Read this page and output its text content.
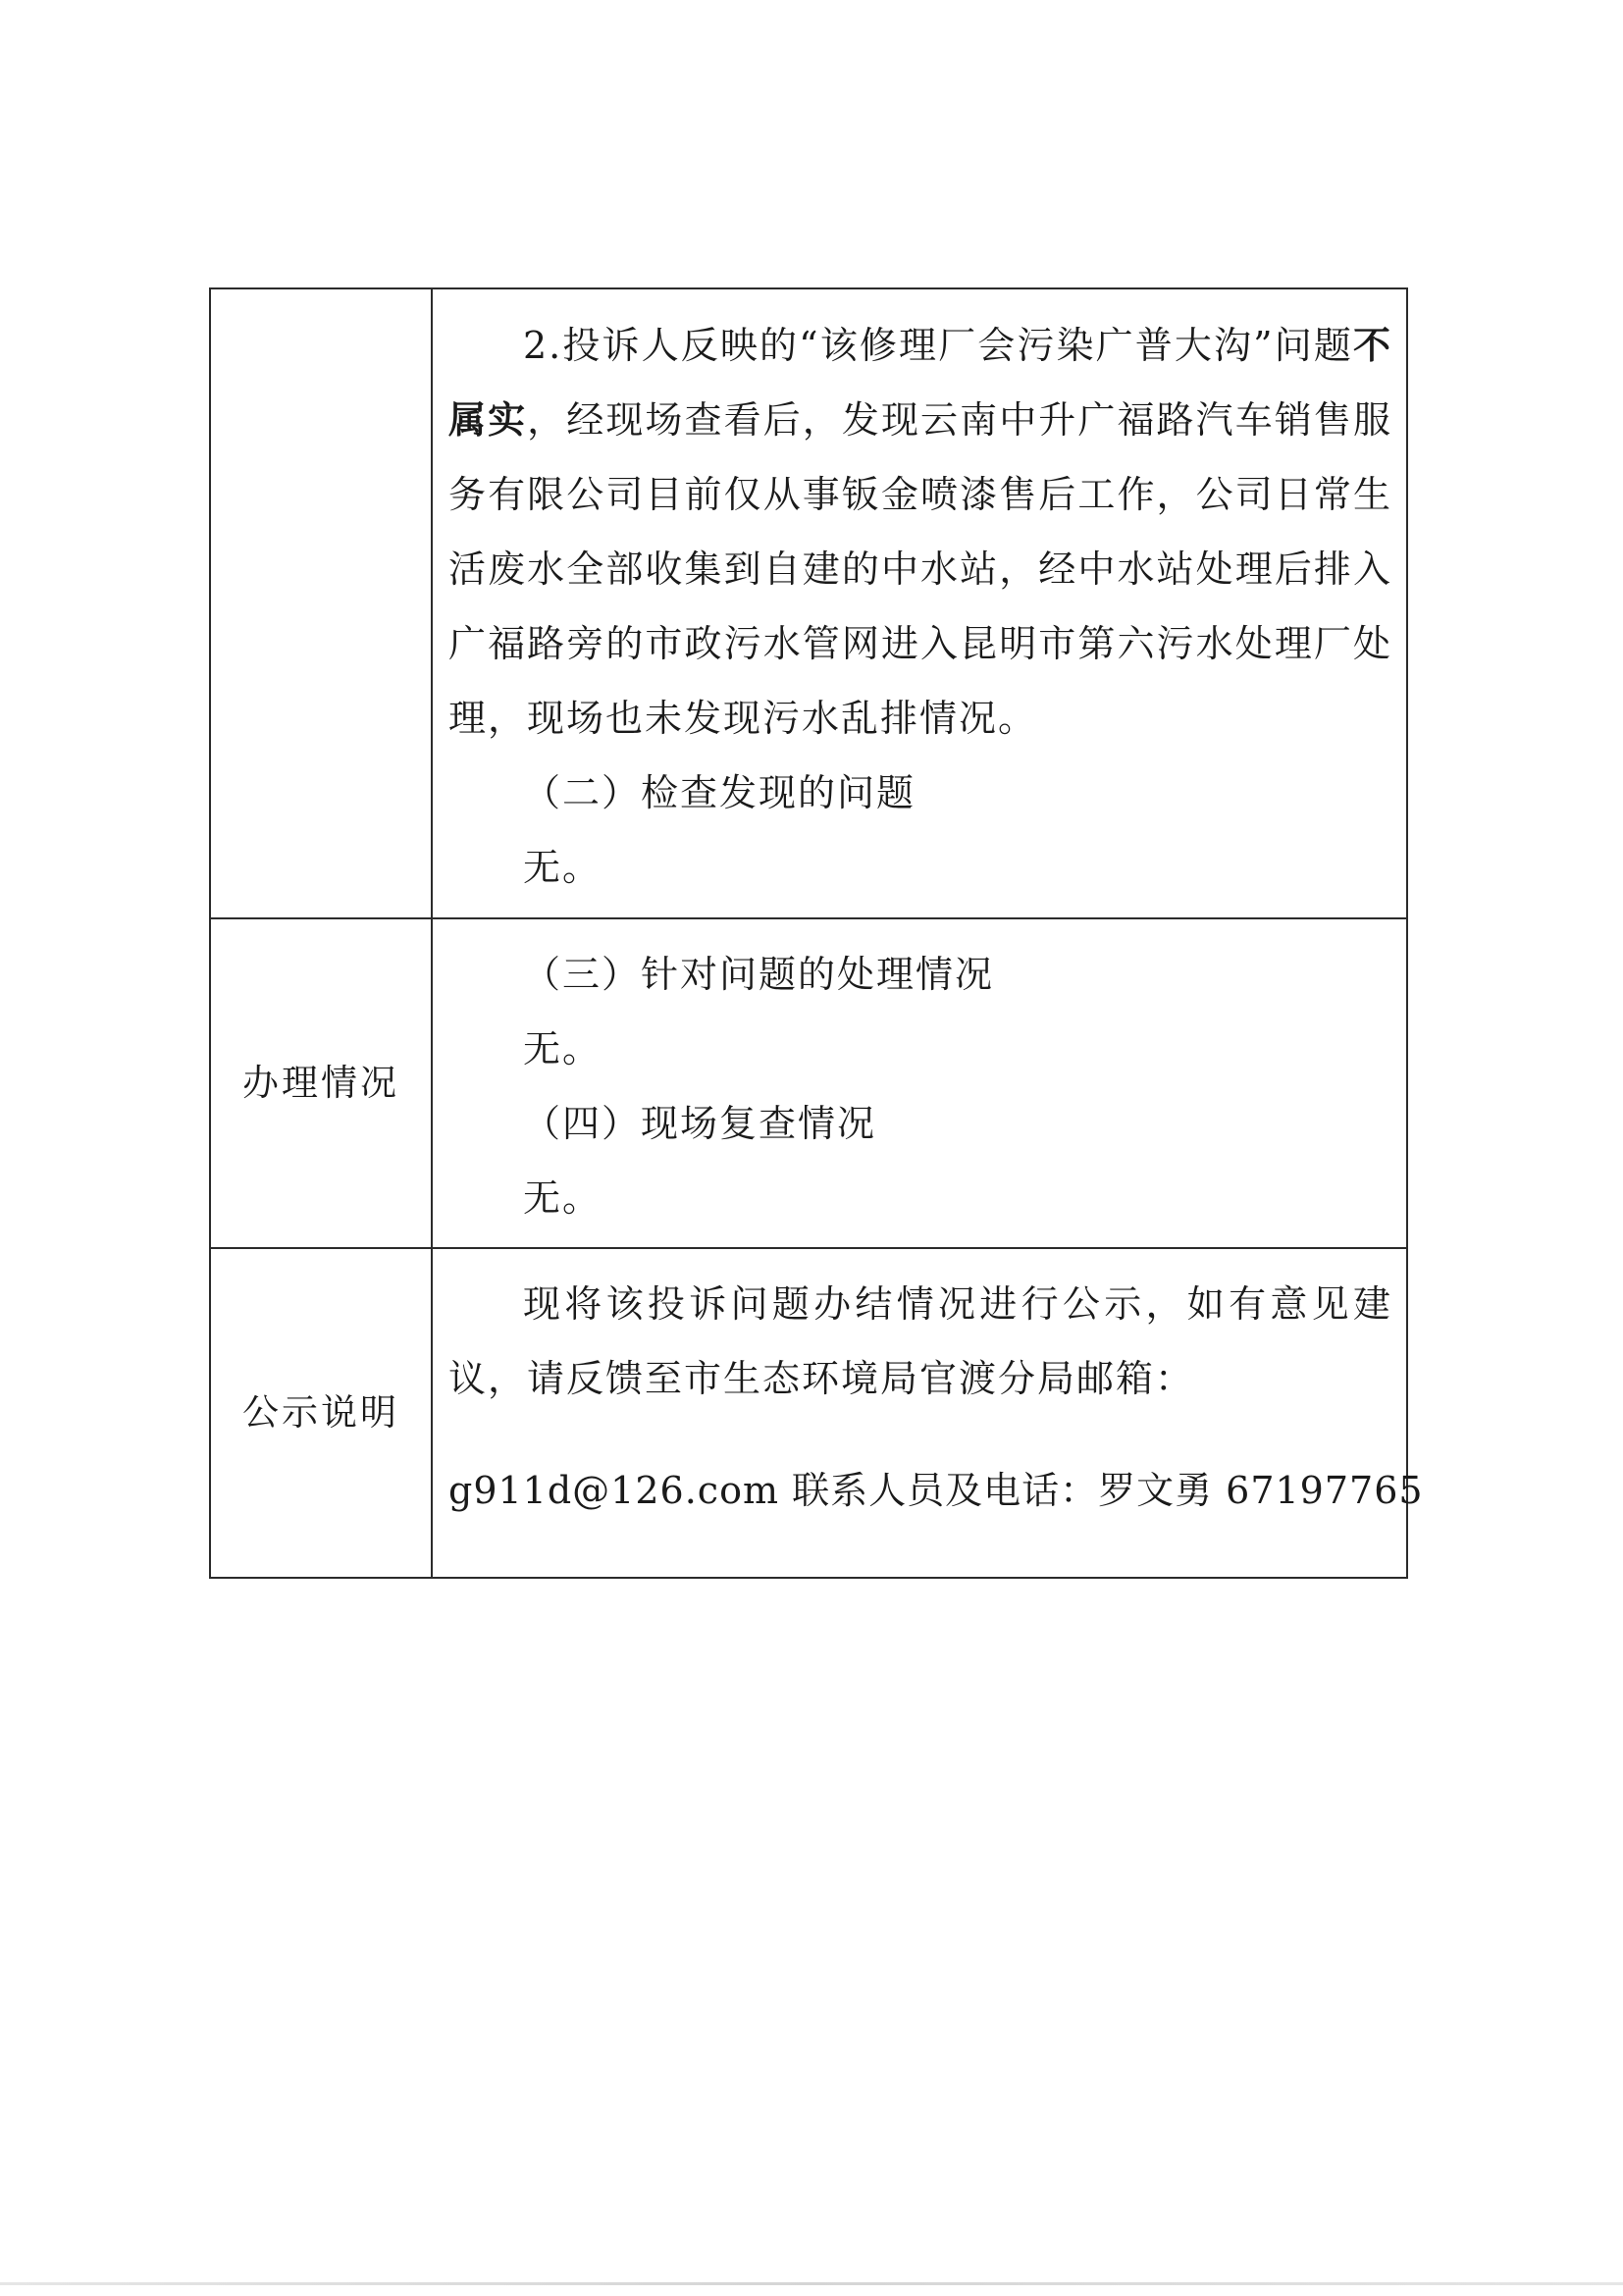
	2.投诉人反映的“该修理厂会污染广普大沟”问题不属实，经现场查看后，发现云南中升广福路汽车销售服务有限公司目前仅从事钣金喷漆售后工作，公司日常生活废水全部收集到自建的中水站，经中水站处理后排入广福路旁的市政污水管网进入昆明市第六污水处理厂处理，现场也未发现污水乱排情况。

（二）检查发现的问题

无。

办理情况	（三）针对问题的处理情况

无。

（四）现场复查情况

无。

公示说明	现将该投诉问题办结情况进行公示，如有意见建议，请反馈至市生态环境局官渡分局邮箱：

g911d@126.com 联系人员及电话：罗文勇 67197765
